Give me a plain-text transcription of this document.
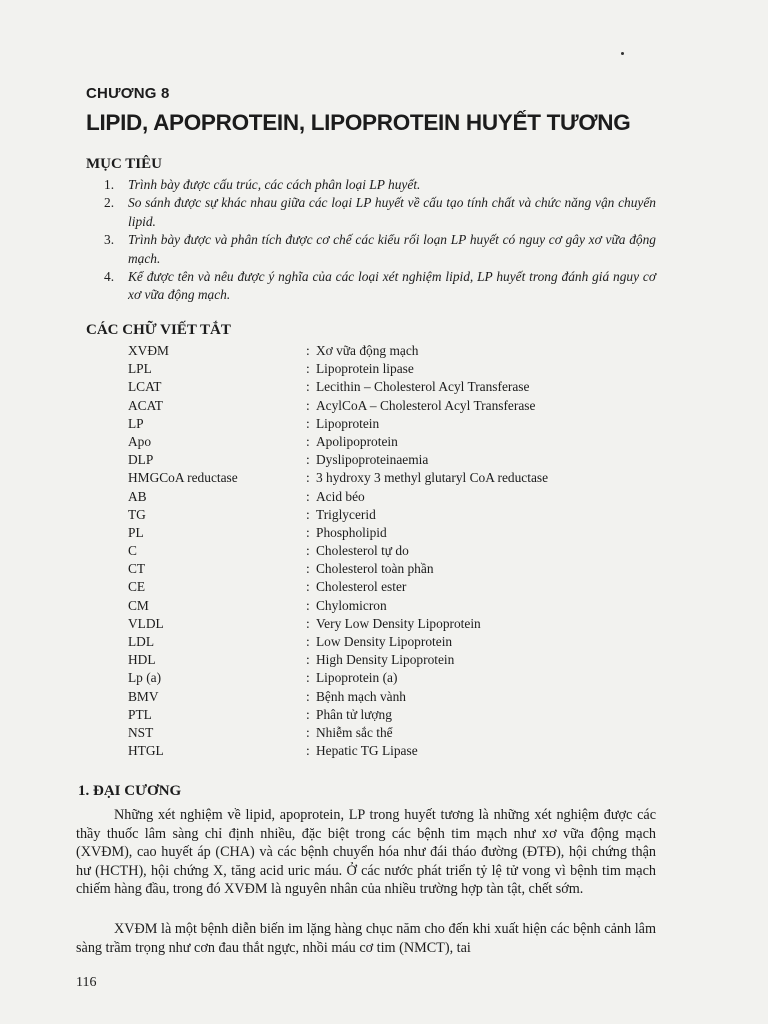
CHƯƠNG 8
LIPID, APOPROTEIN, LIPOPROTEIN HUYẾT TƯƠNG
MỤC TIÊU
1. Trình bày được cấu trúc, các cách phân loại LP huyết.
2. So sánh được sự khác nhau giữa các loại LP huyết về cấu tạo tính chất và chức năng vận chuyển lipid.
3. Trình bày được và phân tích được cơ chế các kiểu rối loạn LP huyết có nguy cơ gây xơ vữa động mạch.
4. Kể được tên và nêu được ý nghĩa của các loại xét nghiệm lipid, LP huyết trong đánh giá nguy cơ xơ vữa động mạch.
CÁC CHỮ VIẾT TẮT
XVĐM	: Xơ vữa động mạch
LPL	: Lipoprotein lipase
LCAT	: Lecithin – Cholesterol Acyl Transferase
ACAT	: AcylCoA – Cholesterol Acyl Transferase
LP	: Lipoprotein
Apo	: Apolipoprotein
DLP	: Dyslipoproteinaemia
HMGCoA reductase	: 3 hydroxy 3 methyl glutaryl CoA reductase
AB	: Acid béo
TG	: Triglycerid
PL	: Phospholipid
C	: Cholesterol tự do
CT	: Cholesterol toàn phần
CE	: Cholesterol ester
CM	: Chylomicron
VLDL	: Very Low Density Lipoprotein
LDL	: Low Density Lipoprotein
HDL	: High Density Lipoprotein
Lp (a)	: Lipoprotein (a)
BMV	: Bệnh mạch vành
PTL	: Phân tử lượng
NST	: Nhiễm sắc thể
HTGL	: Hepatic TG Lipase
1. ĐẠI CƯƠNG

Những xét nghiệm về lipid, apoprotein, LP trong huyết tương là những xét nghiệm được các thầy thuốc lâm sàng chỉ định nhiều, đặc biệt trong các bệnh tim mạch như xơ vữa động mạch (XVĐM), cao huyết áp (CHA) và các bệnh chuyển hóa như đái tháo đường (ĐTĐ), hội chứng thận hư (HCTH), hội chứng X, tăng acid uric máu. Ở các nước phát triển tỷ lệ tử vong vì bệnh tim mạch chiếm hàng đầu, trong đó XVĐM là nguyên nhân của nhiều trường hợp tàn tật, chết sớm.

XVĐM là một bệnh diễn biến im lặng hàng chục năm cho đến khi xuất hiện các bệnh cảnh lâm sàng trầm trọng như cơn đau thắt ngực, nhồi máu cơ tim (NMCT), tai

116
